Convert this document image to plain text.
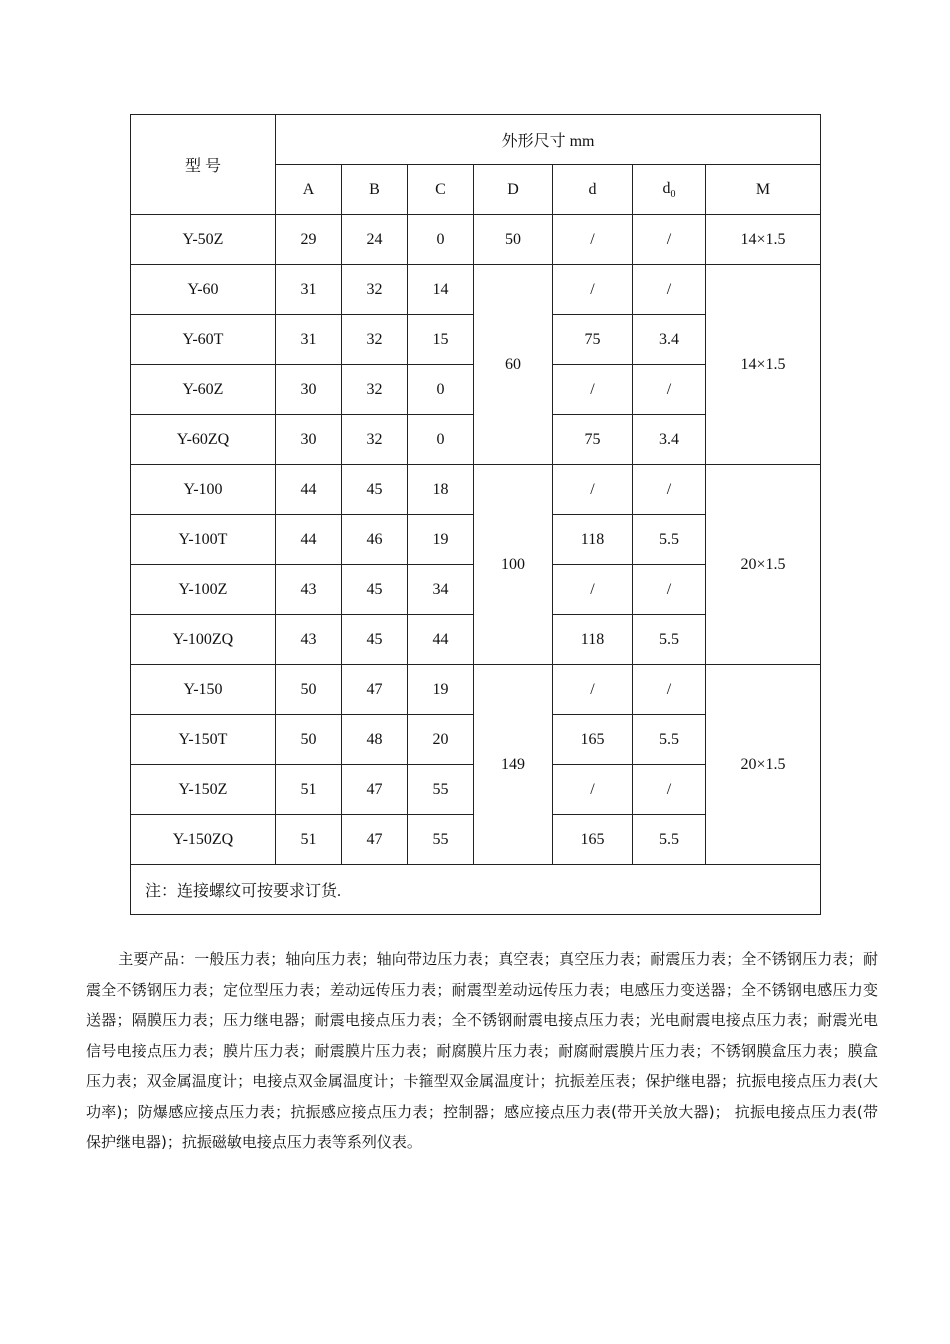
型 号	外形尺寸 mm						
	A	B	C	D	d	$d_0$	M
Y-50Z	29	24	0	50	/	/	14×1.5
Y-60	31	32	14	60	/	/	14×1.5
Y-60T	31	32	15		75	3.4	
Y-60Z	30	32	0		/	/	
Y-60ZQ	30	32	0		75	3.4	
Y-100	44	45	18	100	/	/	20×1.5
Y-100T	44	46	19		118	5.5	
Y-100Z	43	45	34		/	/	
Y-100ZQ	43	45	44		118	5.5	
Y-150	50	47	19	149	/	/	20×1.5
Y-150T	50	48	20		165	5.5	
Y-150Z	51	47	55		/	/	
Y-150ZQ	51	47	55		165	5.5	
注：连接螺纹可按要求订货.							

主要产品：一般压力表；轴向压力表；轴向带边压力表；真空表；真空压力表；耐震压力表；全不锈钢压力表；耐震全不锈钢压力表；定位型压力表；差动远传压力表；耐震型差动远传压力表；电感压力变送器；全不锈钢电感压力变送器；隔膜压力表；压力继电器；耐震电接点压力表；全不锈钢耐震电接点压力表；光电耐震电接点压力表；耐震光电信号电接点压力表；膜片压力表；耐震膜片压力表；耐腐膜片压力表；耐腐耐震膜片压力表；不锈钢膜盒压力表；膜盒压力表；双金属温度计；电接点双金属温度计；卡箍型双金属温度计；抗振差压表；保护继电器；抗振电接点压力表(大功率)；防爆感应接点压力表；抗振感应接点压力表；控制器；感应接点压力表(带开关放大器)； 抗振电接点压力表(带保护继电器)；抗振磁敏电接点压力表等系列仪表。
